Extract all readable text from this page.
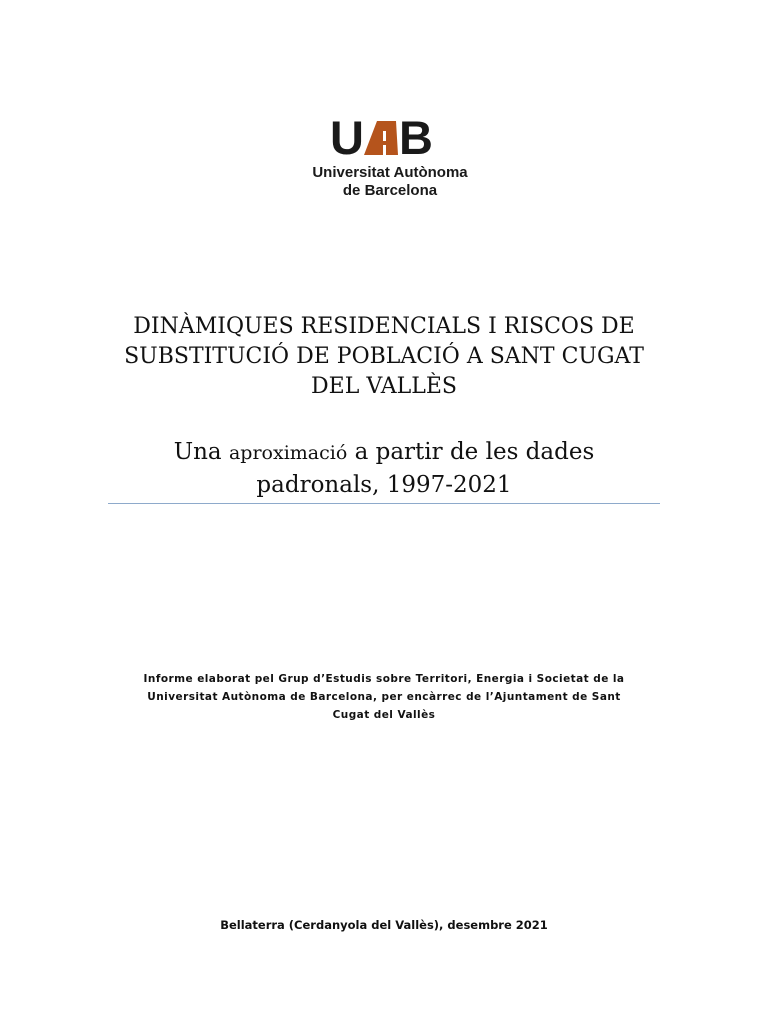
U B
Universitat Autònoma
de Barcelona
DINÀMIQUES RESIDENCIALS I RISCOS DE
SUBSTITUCIÓ DE POBLACIÓ A SANT CUGAT
DEL VALLÈS
Una aproximació a partir de les dades
padronals, 1997-2021
Informe elaborat pel Grup d’Estudis sobre Territori, Energia i Societat de la
Universitat Autònoma de Barcelona, per encàrrec de l’Ajuntament de Sant
Cugat del Vallès
Bellaterra (Cerdanyola del Vallès), desembre 2021
